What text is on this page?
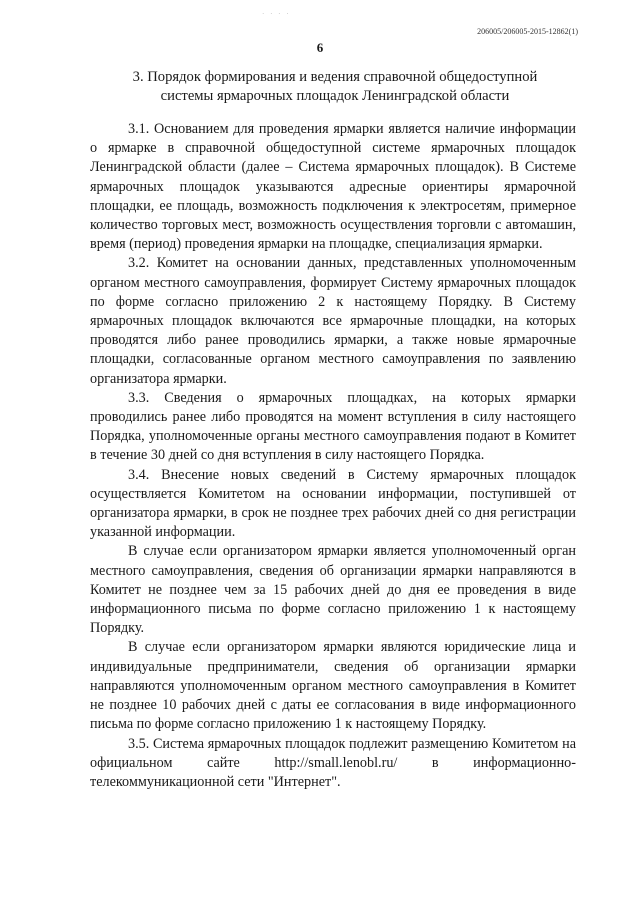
· · · ·
206005/206005-2015-12862(1)
6
3. Порядок формирования и ведения справочной общедоступной
системы ярмарочных площадок Ленинградской области

3.1. Основанием для проведения ярмарки является наличие информации о ярмарке в справочной общедоступной системе ярмарочных площадок Ленинградской области (далее – Система ярмарочных площадок). В Системе ярмарочных площадок указываются адресные ориентиры ярмарочной площадки, ее площадь, возможность подключения к электросетям, примерное количество торговых мест, возможность осуществления торговли с автомашин, время (период) проведения ярмарки на площадке, специализация ярмарки.

3.2. Комитет на основании данных, представленных уполномоченным органом местного самоуправления, формирует Систему ярмарочных площадок по форме согласно приложению 2 к настоящему Порядку. В Систему ярмарочных площадок включаются все ярмарочные площадки, на которых проводятся либо ранее проводились ярмарки, а также новые ярмарочные площадки, согласованные органом местного самоуправления по заявлению организатора ярмарки.

3.3. Сведения о ярмарочных площадках, на которых ярмарки проводились ранее либо проводятся на момент вступления в силу настоящего Порядка, уполномоченные органы местного самоуправления подают в Комитет в течение 30 дней со дня вступления в силу настоящего Порядка.

3.4. Внесение новых сведений в Систему ярмарочных площадок осуществляется Комитетом на основании информации, поступившей от организатора ярмарки, в срок не позднее трех рабочих дней со дня регистрации указанной информации.

В случае если организатором ярмарки является уполномоченный орган местного самоуправления, сведения об организации ярмарки направляются в Комитет не позднее чем за 15 рабочих дней до дня ее проведения в виде информационного письма по форме согласно приложению 1 к настоящему Порядку.

В случае если организатором ярмарки являются юридические лица и индивидуальные предприниматели, сведения об организации ярмарки направляются уполномоченным органом местного самоуправления в Комитет не позднее 10 рабочих дней с даты ее согласования в виде информационного письма по форме согласно приложению 1 к настоящему Порядку.

3.5. Система ярмарочных площадок подлежит размещению Комитетом на официальном сайте http://small.lenobl.ru/ в информационно-телекоммуникационной сети "Интернет".
